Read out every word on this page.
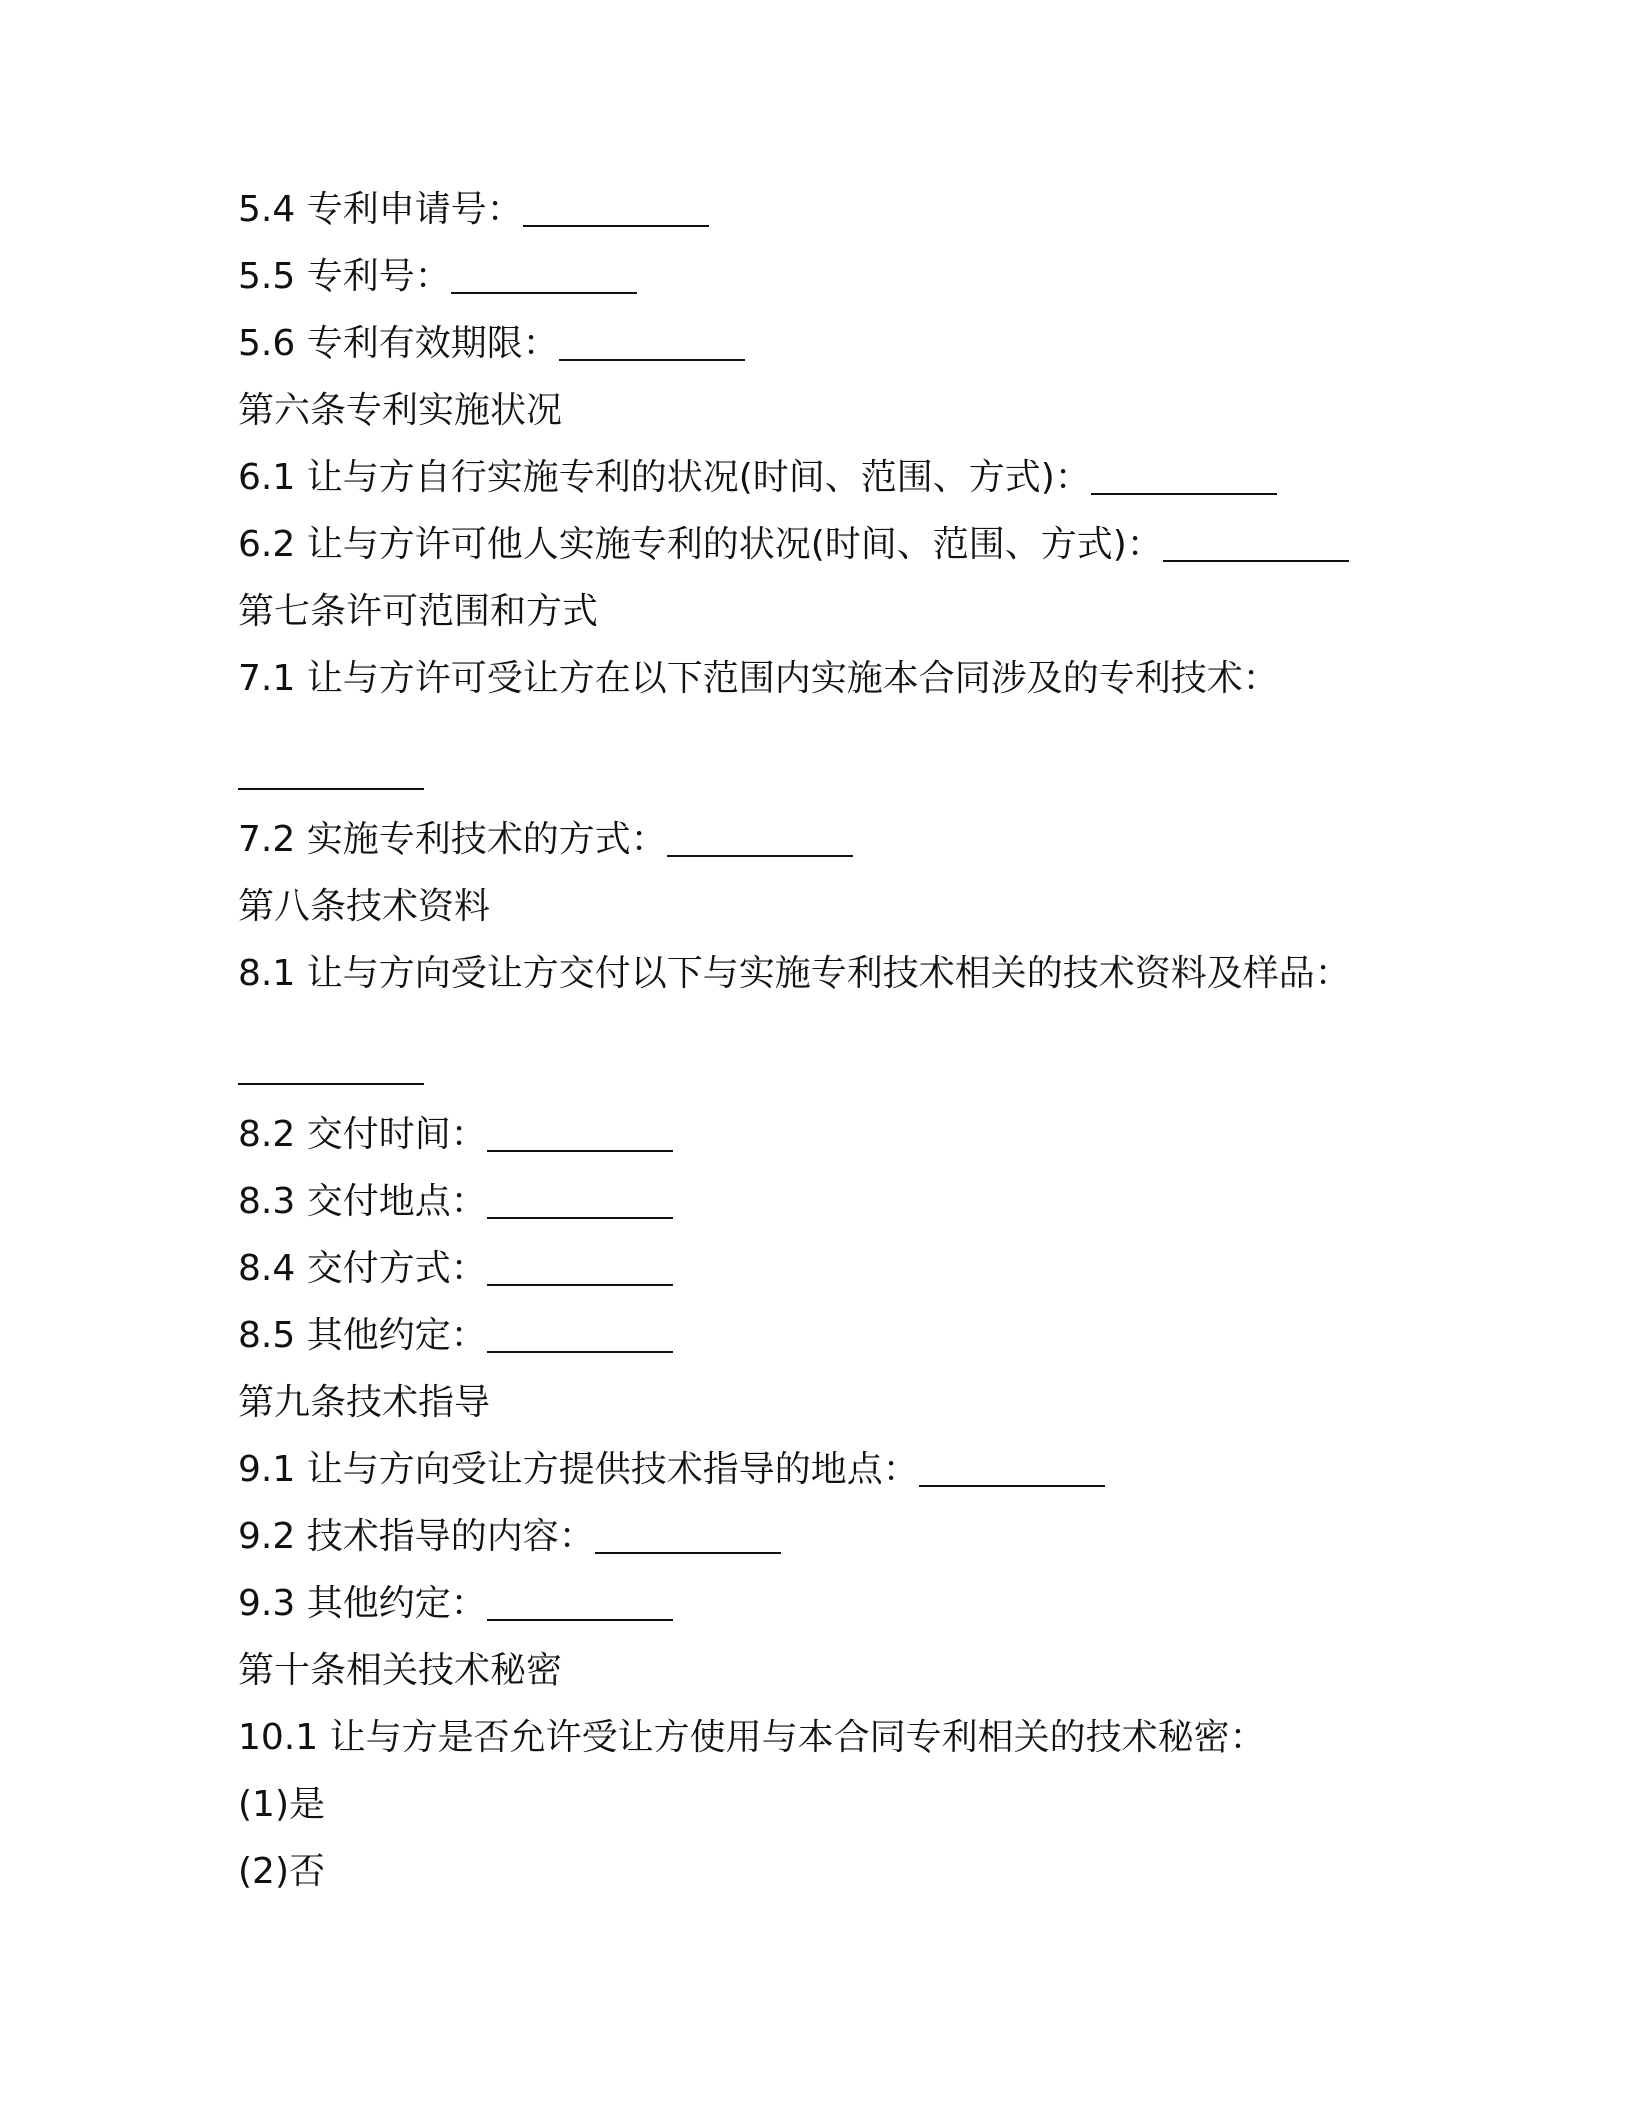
5.4 专利申请号：
5.5 专利号：
5.6 专利有效期限：
第六条专利实施状况
6.1 让与方自行实施专利的状况(时间、范围、方式)：
6.2 让与方许可他人实施专利的状况(时间、范围、方式)：
第七条许可范围和方式
7.1 让与方许可受让方在以下范围内实施本合同涉及的专利技术：
7.2 实施专利技术的方式：
第八条技术资料
8.1 让与方向受让方交付以下与实施专利技术相关的技术资料及样品：
8.2 交付时间：
8.3 交付地点：
8.4 交付方式：
8.5 其他约定：
第九条技术指导
9.1 让与方向受让方提供技术指导的地点：
9.2 技术指导的内容：
9.3 其他约定：
第十条相关技术秘密
10.1 让与方是否允许受让方使用与本合同专利相关的技术秘密：
(1)是
(2)否
